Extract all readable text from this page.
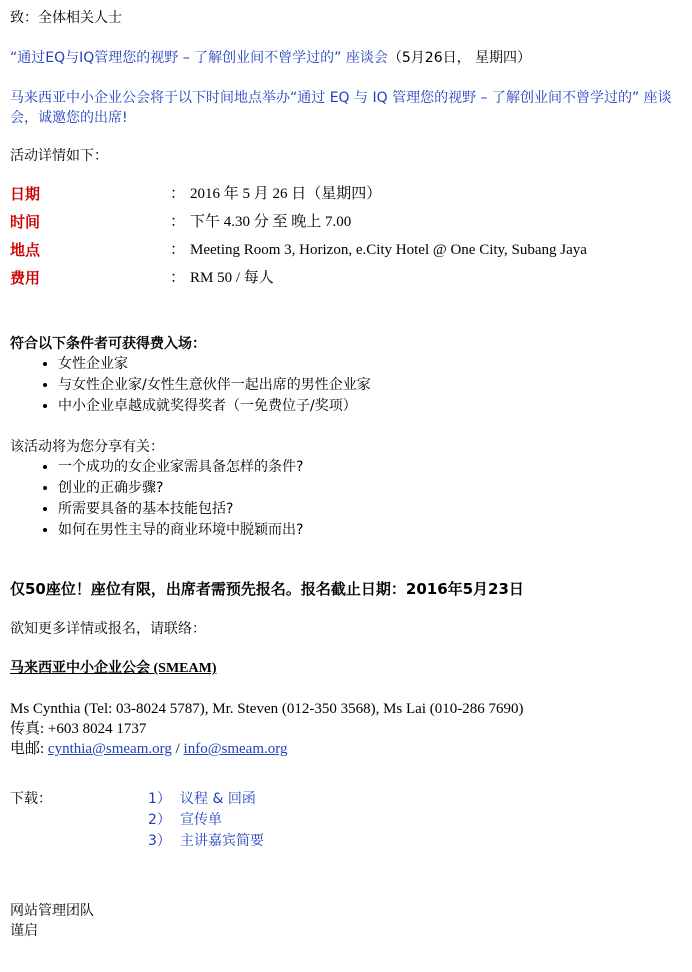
致：全体相关人士

“通过EQ与IQ管理您的视野 – 了解创业间不曾学过的” 座谈会（5月26日， 星期四）

马来西亚中小企业公会将于以下时间地点举办“通过 EQ 与 IQ 管理您的视野 – 了解创业间不曾学过的” 座谈会，诚邀您的出席!

活动详情如下：

日期	：	2016 年 5 月 26 日（星期四）
时间	：	下午 4.30 分 至 晚上 7.00
地点	：	Meeting Room 3, Horizon, e.City Hotel @ One City, Subang Jaya
费用	：	RM 50 / 每人

符合以下条件者可获得费入场：

• 女性企业家
• 与女性企业家/女性生意伙伴一起出席的男性企业家
• 中小企业卓越成就奖得奖者（一免费位子/奖项）

该活动将为您分享有关：

• 一个成功的女企业家需具备怎样的条件?
• 创业的正确步骤?
• 所需要具备的基本技能包括?
• 如何在男性主导的商业环境中脱颖而出?

仅50座位！座位有限，出席者需预先报名。报名截止日期：2016年5月23日

欲知更多详情或报名，请联络：

马来西亚中小企业公会 (SMEAM)

Ms Cynthia (Tel: 03-8024 5787), Mr. Steven (012-350 3568), Ms Lai (010-286 7690)
传真: +603 8024 1737
电邮: cynthia@smeam.org / info@smeam.org
下载：	1） 议程 & 回函
2） 宣传单
3） 主讲嘉宾简要
网站管理团队
谨启
